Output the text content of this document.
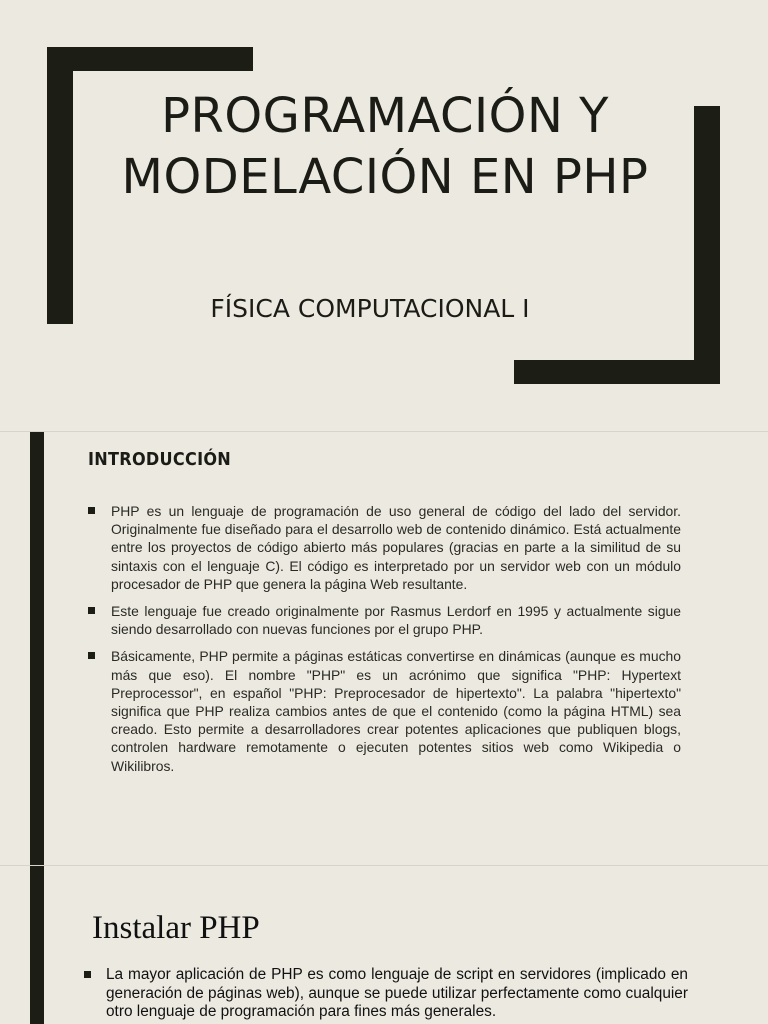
PROGRAMACIÓN Y MODELACIÓN EN PHP
FÍSICA COMPUTACIONAL I
INTRODUCCIÓN
PHP es un lenguaje de programación de uso general de código del lado del servidor. Originalmente fue diseñado para el desarrollo web de contenido dinámico. Está actualmente entre los proyectos de código abierto más populares (gracias en parte a la similitud de su sintaxis con el lenguaje C). El código es interpretado por un servidor web con un módulo procesador de PHP que genera la página Web resultante.
Este lenguaje fue creado originalmente por Rasmus Lerdorf en 1995 y actualmente sigue siendo desarrollado con nuevas funciones por el grupo PHP.
Básicamente, PHP permite a páginas estáticas convertirse en dinámicas (aunque es mucho más que eso). El nombre "PHP" es un acrónimo que significa "PHP: Hypertext Preprocessor", en español "PHP: Preprocesador de hipertexto". La palabra "hipertexto" significa que PHP realiza cambios antes de que el contenido (como la página HTML) sea creado. Esto permite a desarrolladores crear potentes aplicaciones que publiquen blogs, controlen hardware remotamente o ejecuten potentes sitios web como Wikipedia o Wikilibros.
Instalar PHP
La mayor aplicación de PHP es como lenguaje de script en servidores (implicado en generación de páginas web), aunque se puede utilizar perfectamente como cualquier otro lenguaje de programación para fines más generales.
